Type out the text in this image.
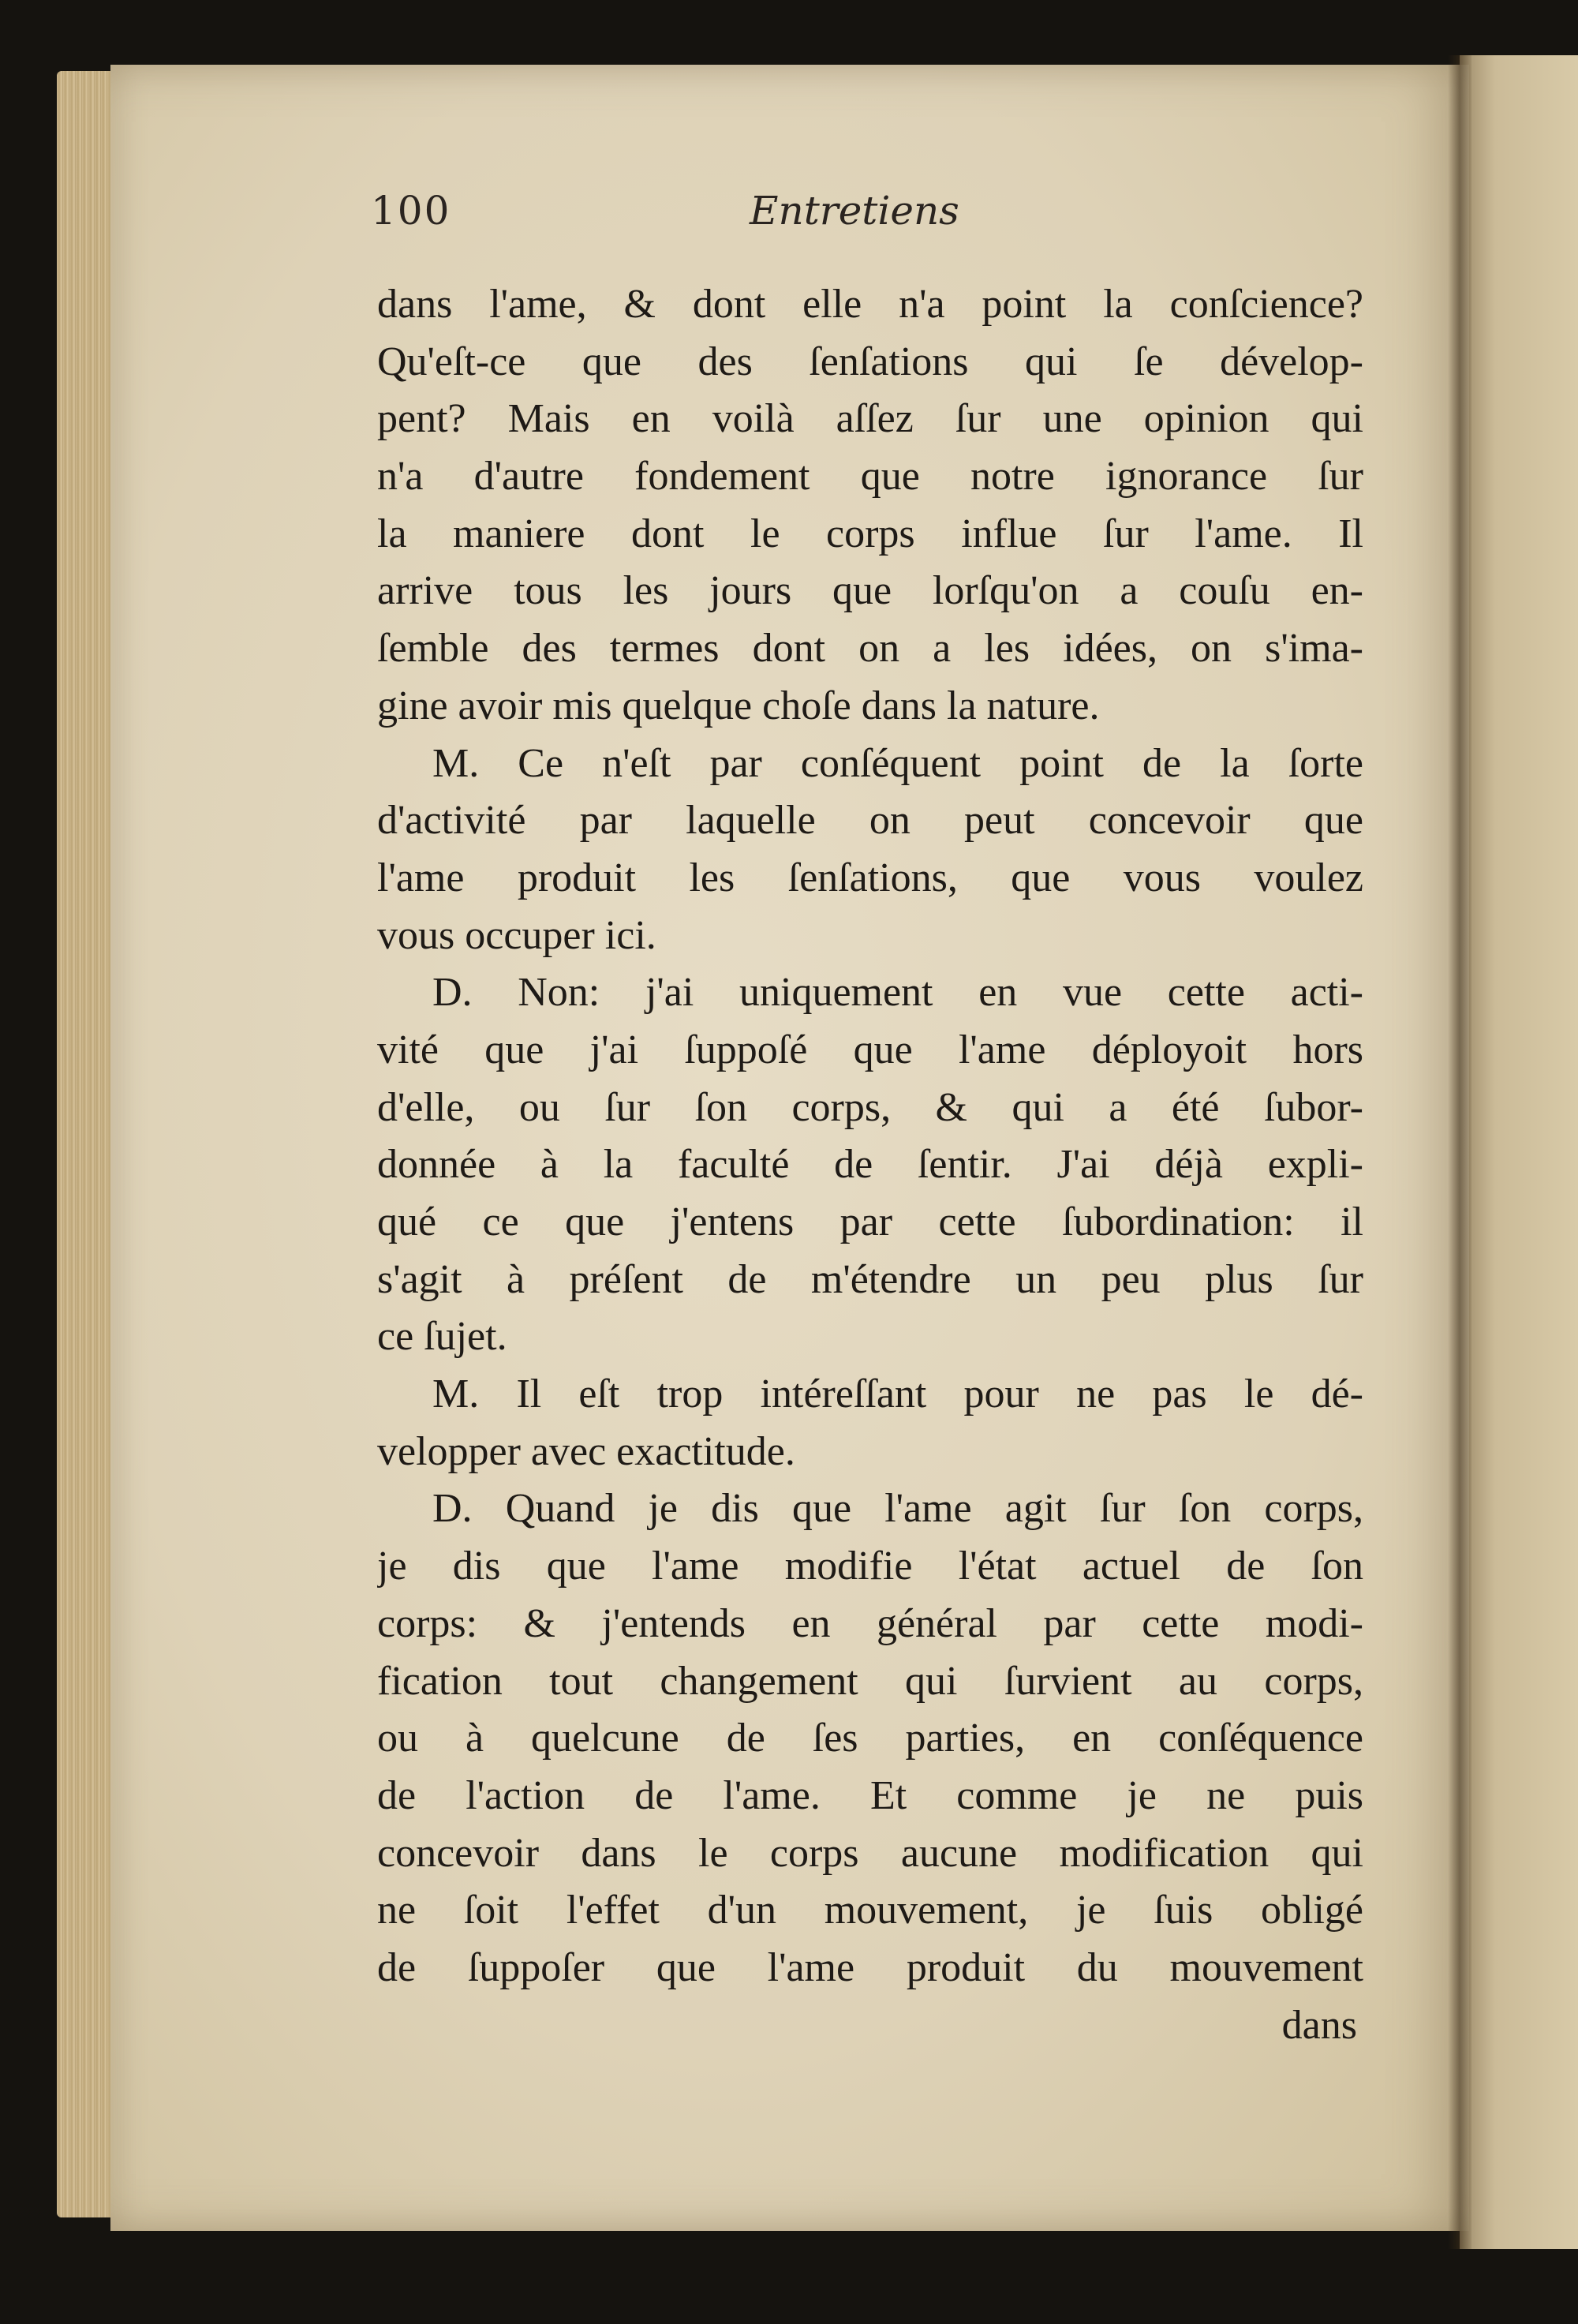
100	Entretiens
dans l'ame, & dont elle n'a point la conſcience?
Qu'eſt-ce que des ſenſations qui ſe dévelop-
pent? Mais en voilà aſſez ſur une opinion qui
n'a d'autre fondement que notre ignorance ſur
la maniere dont le corps influe ſur l'ame. Il
arrive tous les jours que lorſqu'on a couſu en-
ſemble des termes dont on a les idées, on s'ima-
gine avoir mis quelque choſe dans la nature.
M. Ce n'eſt par conſéquent point de la ſorte
d'activité par laquelle on peut concevoir que
l'ame produit les ſenſations, que vous voulez
vous occuper ici.
D. Non: j'ai uniquement en vue cette acti-
vité que j'ai ſuppoſé que l'ame déployoit hors
d'elle, ou ſur ſon corps, & qui a été ſubor-
donnée à la faculté de ſentir. J'ai déjà expli-
qué ce que j'entens par cette ſubordination: il
s'agit à préſent de m'étendre un peu plus ſur
ce ſujet.
M. Il eſt trop intéreſſant pour ne pas le dé-
velopper avec exactitude.
D. Quand je dis que l'ame agit ſur ſon corps,
je dis que l'ame modifie l'état actuel de ſon
corps: & j'entends en général par cette modi-
fication tout changement qui ſurvient au corps,
ou à quelcune de ſes parties, en conſéquence
de l'action de l'ame. Et comme je ne puis
concevoir dans le corps aucune modification qui
ne ſoit l'effet d'un mouvement, je ſuis obligé
de ſuppoſer que l'ame produit du mouvement
dans
